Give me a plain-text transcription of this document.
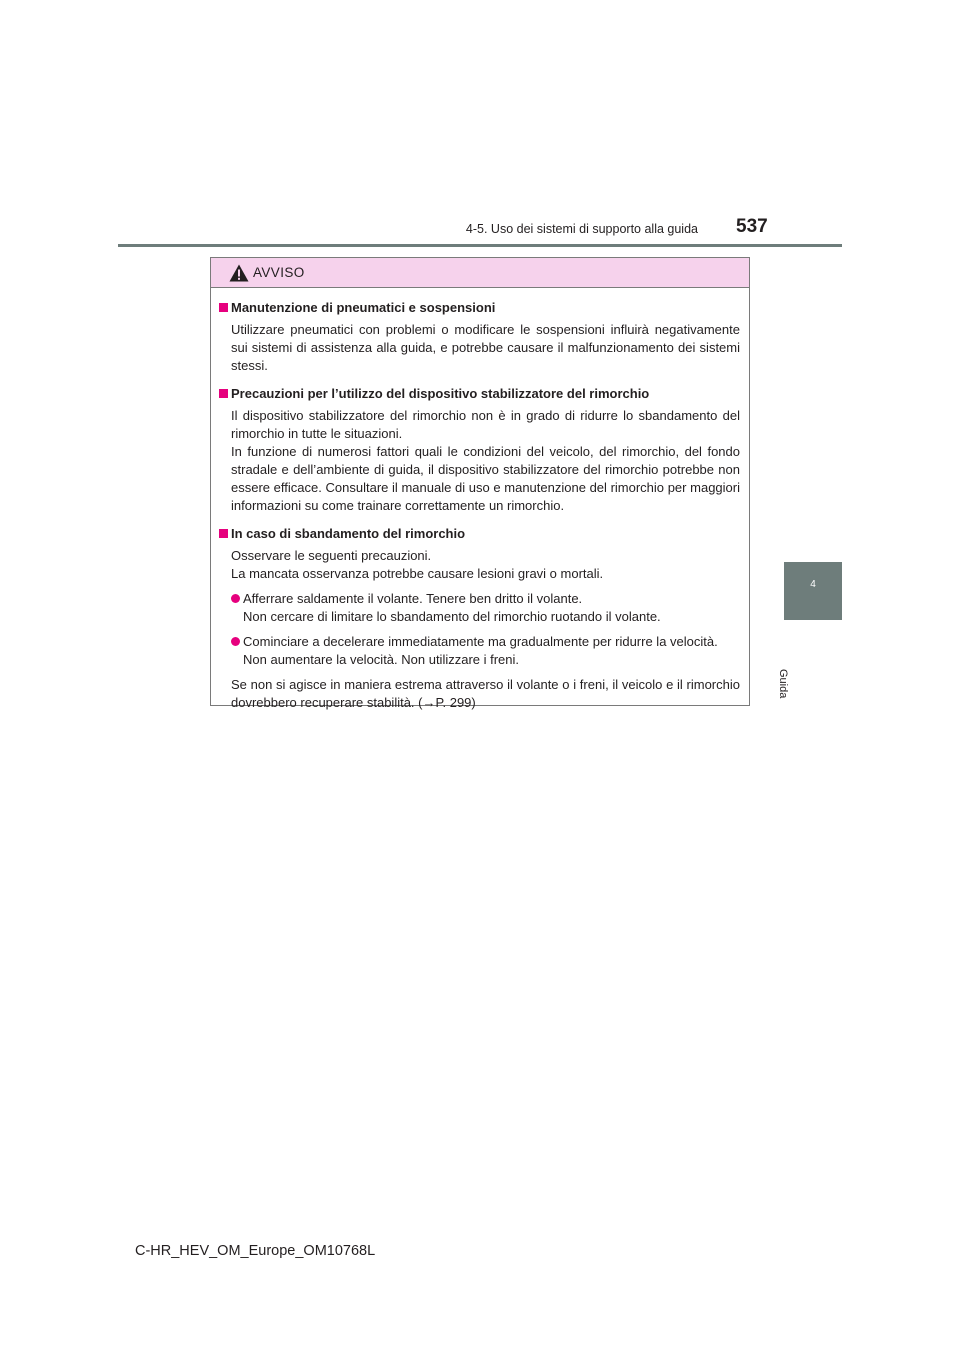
4-5. Uso dei sistemi di supporto alla guida 537
4
Guida
AVVISO
Manutenzione di pneumatici e sospensioni
Utilizzare pneumatici con problemi o modificare le sospensioni influirà negativamente sui sistemi di assistenza alla guida, e potrebbe causare il malfunzionamento dei sistemi stessi.
Precauzioni per l’utilizzo del dispositivo stabilizzatore del rimorchio
Il dispositivo stabilizzatore del rimorchio non è in grado di ridurre lo sbandamento del rimorchio in tutte le situazioni.
In funzione di numerosi fattori quali le condizioni del veicolo, del rimorchio, del fondo stradale e dell’ambiente di guida, il dispositivo stabilizzatore del rimorchio potrebbe non essere efficace. Consultare il manuale di uso e manutenzione del rimorchio per maggiori informazioni su come trainare correttamente un rimorchio.
In caso di sbandamento del rimorchio
Osservare le seguenti precauzioni.
La mancata osservanza potrebbe causare lesioni gravi o mortali.
Afferrare saldamente il volante. Tenere ben dritto il volante.
Non cercare di limitare lo sbandamento del rimorchio ruotando il volante.
Cominciare a decelerare immediatamente ma gradualmente per ridurre la velocità.
Non aumentare la velocità. Non utilizzare i freni.
Se non si agisce in maniera estrema attraverso il volante o i freni, il veicolo e il rimorchio dovrebbero recuperare stabilità. (→P. 299)
C-HR_HEV_OM_Europe_OM10768L
